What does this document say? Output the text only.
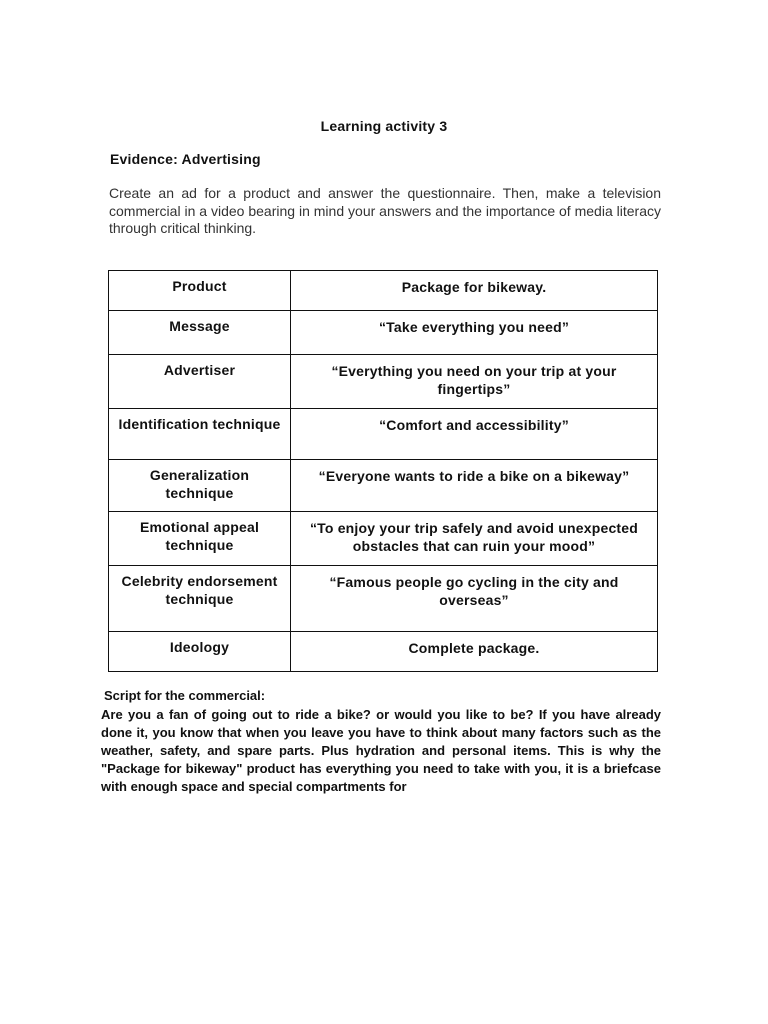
Learning activity 3
Evidence: Advertising
Create an ad for a product and answer the questionnaire. Then, make a television commercial in a video bearing in mind your answers and the importance of media literacy through critical thinking.
Product	Package for bikeway.
Message	“Take everything you need”
Advertiser	“Everything you need on your trip at your fingertips”
Identification technique	“Comfort and accessibility”
Generalization technique	“Everyone wants to ride a bike on a bikeway”
Emotional appeal technique	“To enjoy your trip safely and avoid unexpected obstacles that can ruin your mood”
Celebrity endorsement technique	“Famous people go cycling in the city and overseas”
Ideology	Complete package.
Script for the commercial:
Are you a fan of going out to ride a bike? or would you like to be? If you have already done it, you know that when you leave you have to think about many factors such as the weather, safety, and spare parts. Plus hydration and personal items. This is why the "Package for bikeway" product has everything you need to take with you, it is a briefcase with enough space and special compartments for
